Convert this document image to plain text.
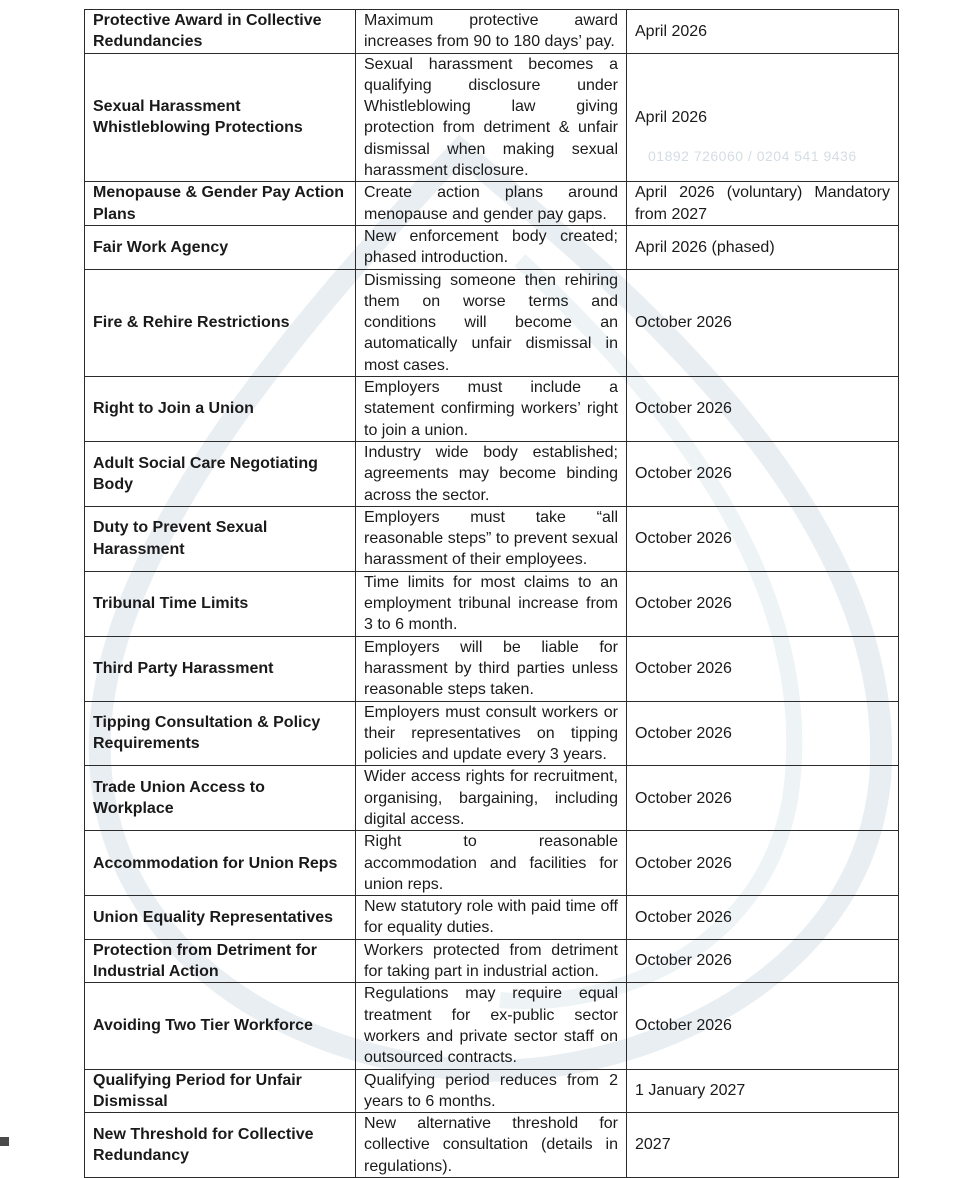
01892 726060 / 0204 541 9436
Protective Award in Collective Redundancies	Maximum protective award increases from 90 to 180 days’ pay.	April 2026
Sexual Harassment Whistleblowing Protections	Sexual harassment becomes a qualifying disclosure under Whistleblowing law giving protection from detriment & unfair dismissal when making sexual harassment disclosure.	April 2026
Menopause & Gender Pay Action Plans	Create action plans around menopause and gender pay gaps.	April 2026 (voluntary) Mandatory from 2027
Fair Work Agency	New enforcement body created; phased introduction.	April 2026 (phased)
Fire & Rehire Restrictions	Dismissing someone then rehiring them on worse terms and conditions will become an automatically unfair dismissal in most cases.	October 2026
Right to Join a Union	Employers must include a statement confirming workers’ right to join a union.	October 2026
Adult Social Care Negotiating Body	Industry wide body established; agreements may become binding across the sector.	October 2026
Duty to Prevent Sexual Harassment	Employers must take “all reasonable steps” to prevent sexual harassment of their employees.	October 2026
Tribunal Time Limits	Time limits for most claims to an employment tribunal increase from 3 to 6 month.	October 2026
Third Party Harassment	Employers will be liable for harassment by third parties unless reasonable steps taken.	October 2026
Tipping Consultation & Policy Requirements	Employers must consult workers or their representatives on tipping policies and update every 3 years.	October 2026
Trade Union Access to Workplace	Wider access rights for recruitment, organising, bargaining, including digital access.	October 2026
Accommodation for Union Reps	Right to reasonable accommodation and facilities for union reps.	October 2026
Union Equality Representatives	New statutory role with paid time off for equality duties.	October 2026
Protection from Detriment for Industrial Action	Workers protected from detriment for taking part in industrial action.	October 2026
Avoiding Two Tier Workforce	Regulations may require equal treatment for ex-public sector workers and private sector staff on outsourced contracts.	October 2026
Qualifying Period for Unfair Dismissal	Qualifying period reduces from 2 years to 6 months.	1 January 2027
New Threshold for Collective Redundancy	New alternative threshold for collective consultation (details in regulations).	2027
